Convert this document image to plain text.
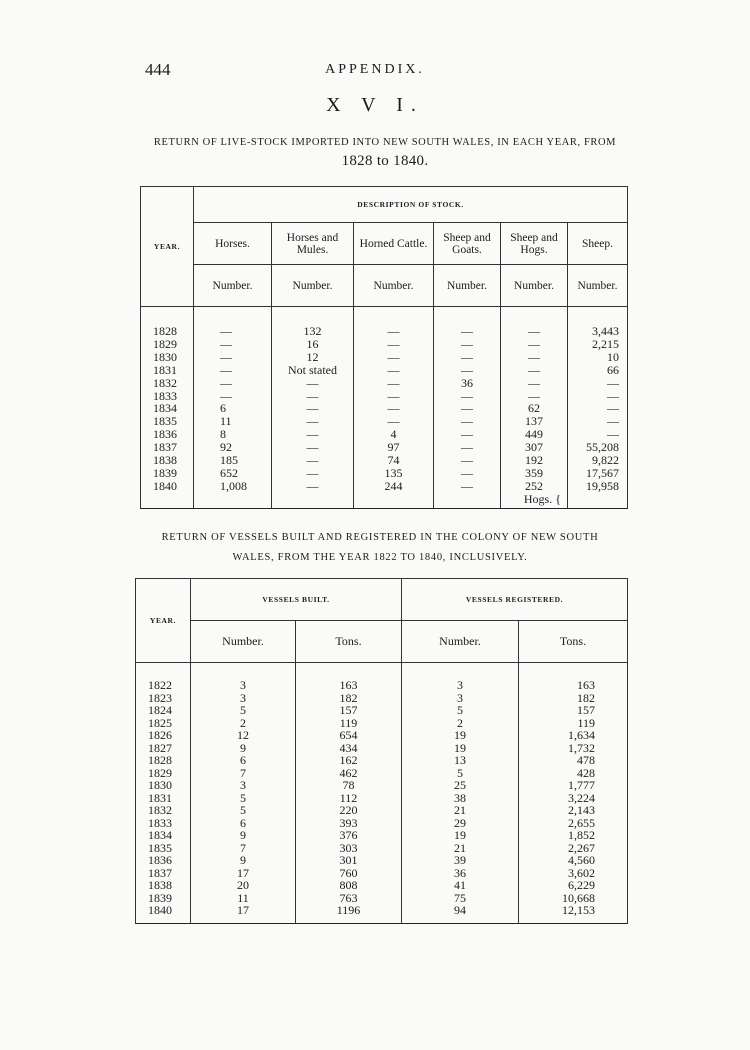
444	APPENDIX.
X V I.
RETURN OF LIVE-STOCK IMPORTED INTO NEW SOUTH WALES, IN EACH YEAR, FROM
1828 to 1840.
YEAR.	DESCRIPTION OF STOCK.					
	Horses.	Horses and Mules.	Horned Cattle.	Sheep and Goats.	Sheep and Hogs.	Sheep.
	Number.	Number.	Number.	Number.	Number.	Number.
1828	—	132	—	—	—	3,443
1829	—	16	—	—	—	2,215
1830	—	12	—	—	—	10
1831	—	Not stated	—	—	—	66
1832	—	—	—	36	—	—
1833	—	—	—	—	—	—
1834	6	—	—	—	62	—
1835	11	—	—	—	137	—
1836	8	—	4	—	449	—
1837	92	—	97	—	307	55,208
1838	185	—	74	—	192	9,822
1839	652	—	135	—	359	17,567
1840	1,008	—	244	—	252	19,958
					Hogs. {	
RETURN OF VESSELS BUILT AND REGISTERED IN THE COLONY OF NEW SOUTH
WALES, FROM THE YEAR 1822 TO 1840, INCLUSIVELY.
YEAR.	VESSELS BUILT.		VESSELS REGISTERED.	
	Number.	Tons.	Number.	Tons.
1822	3	163	3	163
1823	3	182	3	182
1824	5	157	5	157
1825	2	119	2	119
1826	12	654	19	1,634
1827	9	434	19	1,732
1828	6	162	13	478
1829	7	462	5	428
1830	3	78	25	1,777
1831	5	112	38	3,224
1832	5	220	21	2,143
1833	6	393	29	2,655
1834	9	376	19	1,852
1835	7	303	21	2,267
1836	9	301	39	4,560
1837	17	760	36	3,602
1838	20	808	41	6,229
1839	11	763	75	10,668
1840	17	1196	94	12,153
